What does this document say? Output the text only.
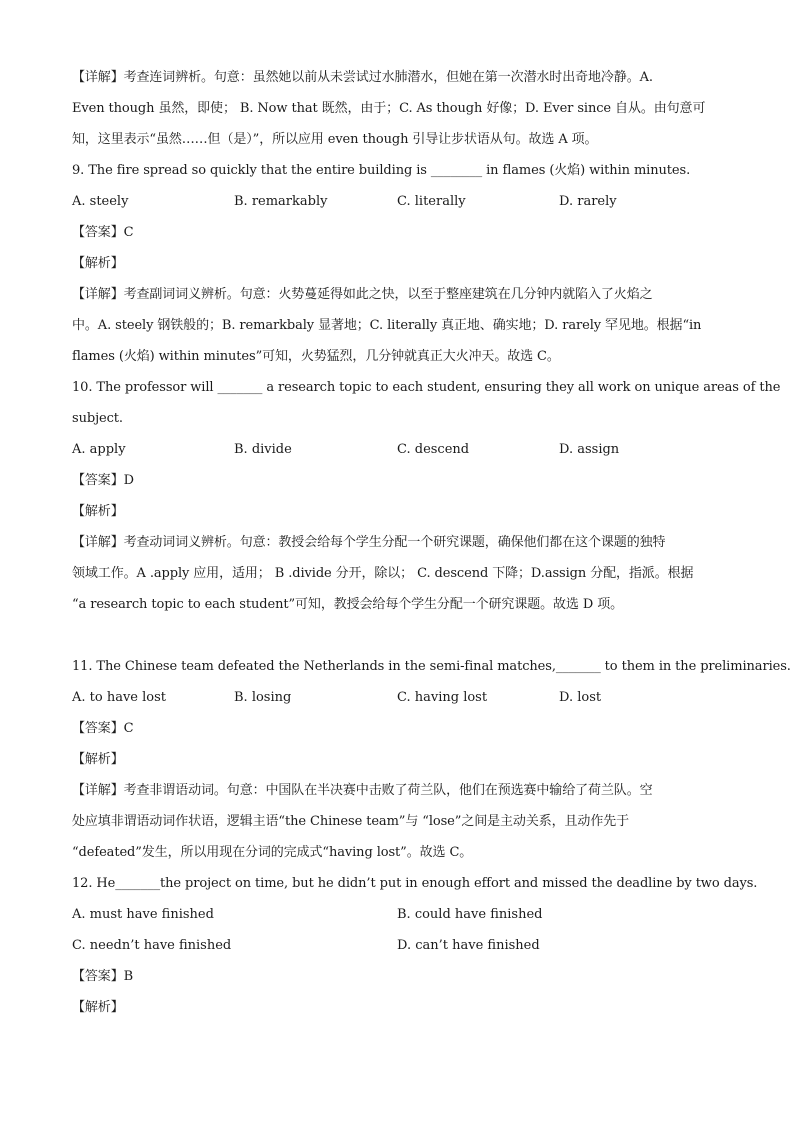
【详解】考查连词辨析。句意：虽然她以前从未尝试过水肺潜水，但她在第一次潜水时出奇地冷静。A.
Even though 虽然，即使； B. Now that 既然，由于；C. As though 好像；D. Ever since 自从。由句意可
知，这里表示“虽然……但（是）”，所以应用 even though 引导让步状语从句。故选 A 项。
9. The fire spread so quickly that the entire building is ________ in flames (火焰) within minutes.
A. steely	B. remarkably	C. literally	D. rarely
【答案】C
【解析】
【详解】考查副词词义辨析。句意：火势蔓延得如此之快，以至于整座建筑在几分钟内就陷入了火焰之
中。A. steely 钢铁般的；B. remarkbaly 显著地；C. literally 真正地、确实地；D. rarely 罕见地。根据“in
flames (火焰) within minutes”可知，火势猛烈，几分钟就真正大火冲天。故选 C。
10. The professor will _______ a research topic to each student, ensuring they all work on unique areas of the
subject.
A. apply	B. divide	C. descend	D. assign
【答案】D
【解析】
【详解】考查动词词义辨析。句意：教授会给每个学生分配一个研究课题，确保他们都在这个课题的独特
领域工作。A .apply 应用，适用； B .divide 分开，除以； C. descend 下降；D.assign 分配，指派。根据
“a research topic to each student”可知，教授会给每个学生分配一个研究课题。故选 D 项。
11. The Chinese team defeated the Netherlands in the semi-final matches,_______ to them in the preliminaries.
A. to have lost	B. losing	C. having lost	D. lost
【答案】C
【解析】
【详解】考查非谓语动词。句意：中国队在半决赛中击败了荷兰队，他们在预选赛中输给了荷兰队。空
处应填非谓语动词作状语，逻辑主语“the Chinese team”与 “lose”之间是主动关系，且动作先于
“defeated”发生，所以用现在分词的完成式“having lost”。故选 C。
12. He_______the project on time, but he didn’t put in enough effort and missed the deadline by two days.
A. must have finished	B. could have finished
C. needn’t have finished	D. can’t have finished
【答案】B
【解析】
